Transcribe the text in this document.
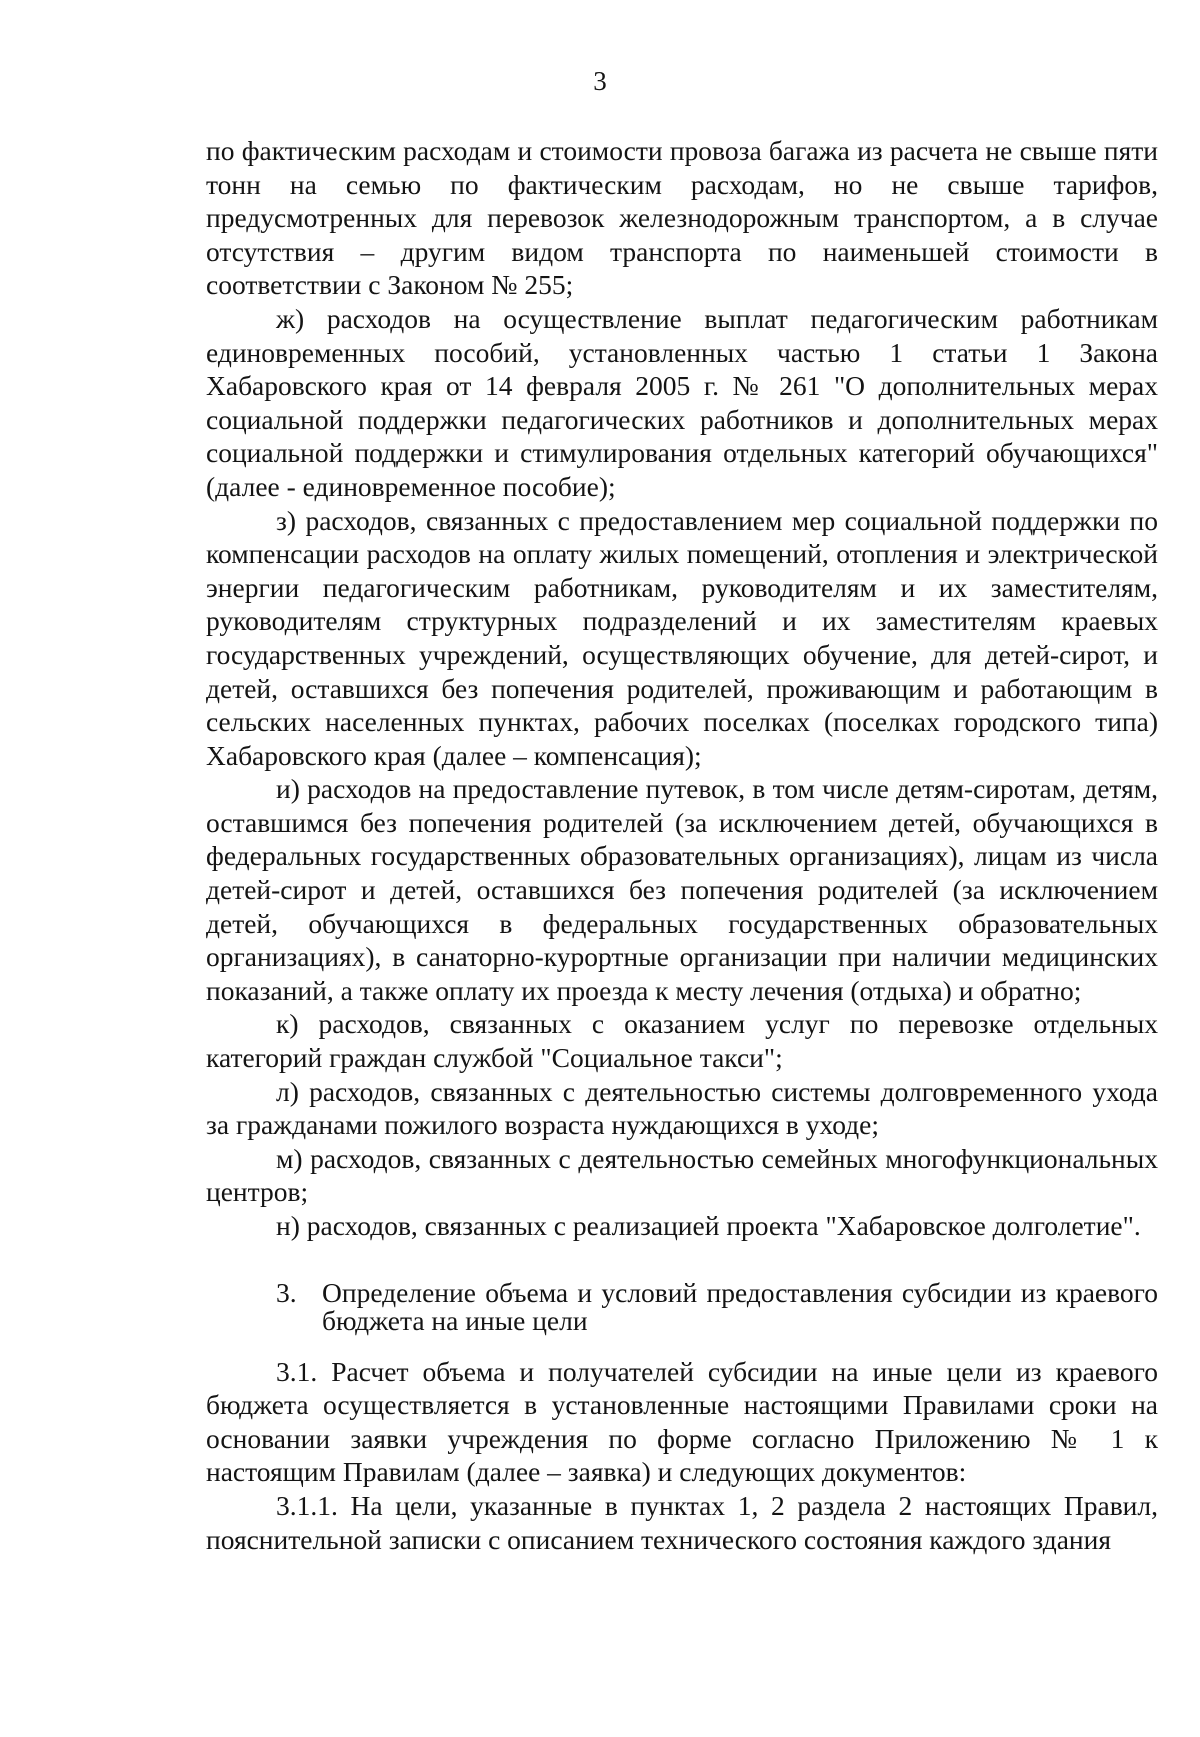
3

по фактическим расходам и стоимости провоза багажа из расчета не свыше пяти тонн на семью по фактическим расходам, но не свыше тарифов, предусмотренных для перевозок железнодорожным транспортом, а в случае отсутствия – другим видом транспорта по наименьшей стоимости в соответствии с Законом № 255;

ж) расходов на осуществление выплат педагогическим работникам единовременных пособий, установленных частью 1 статьи 1 Закона Хабаровского края от 14 февраля 2005 г. № 261 "О дополнительных мерах социальной поддержки педагогических работников и дополнительных мерах социальной поддержки и стимулирования отдельных категорий обучающихся" (далее - единовременное пособие);

з) расходов, связанных с предоставлением мер социальной поддержки по компенсации расходов на оплату жилых помещений, отопления и электрической энергии педагогическим работникам, руководителям и их заместителям, руководителям структурных подразделений и их заместителям краевых государственных учреждений, осуществляющих обучение, для детей-сирот, и детей, оставшихся без попечения родителей, проживающим и работающим в сельских населенных пунктах, рабочих поселках (поселках городского типа) Хабаровского края (далее – компенсация);

и) расходов на предоставление путевок, в том числе детям-сиротам, детям, оставшимся без попечения родителей (за исключением детей, обучающихся в федеральных государственных образовательных организациях), лицам из числа детей-сирот и детей, оставшихся без попечения родителей (за исключением детей, обучающихся в федеральных государственных образовательных организациях), в санаторно-курортные организации при наличии медицинских показаний, а также оплату их проезда к месту лечения (отдыха) и обратно;

к) расходов, связанных с оказанием услуг по перевозке отдельных категорий граждан службой "Социальное такси";

л) расходов, связанных с деятельностью системы долговременного ухода за гражданами пожилого возраста нуждающихся в уходе;

м) расходов, связанных с деятельностью семейных многофункциональных центров;

н) расходов, связанных с реализацией проекта "Хабаровское долголетие".

3. Определение объема и условий предоставления субсидии из краевого бюджета на иные цели

3.1. Расчет объема и получателей субсидии на иные цели из краевого бюджета осуществляется в установленные настоящими Правилами сроки на основании заявки учреждения по форме согласно Приложению № 1 к настоящим Правилам (далее – заявка) и следующих документов:

3.1.1. На цели, указанные в пунктах 1, 2 раздела 2 настоящих Правил, пояснительной записки с описанием технического состояния каждого здания
